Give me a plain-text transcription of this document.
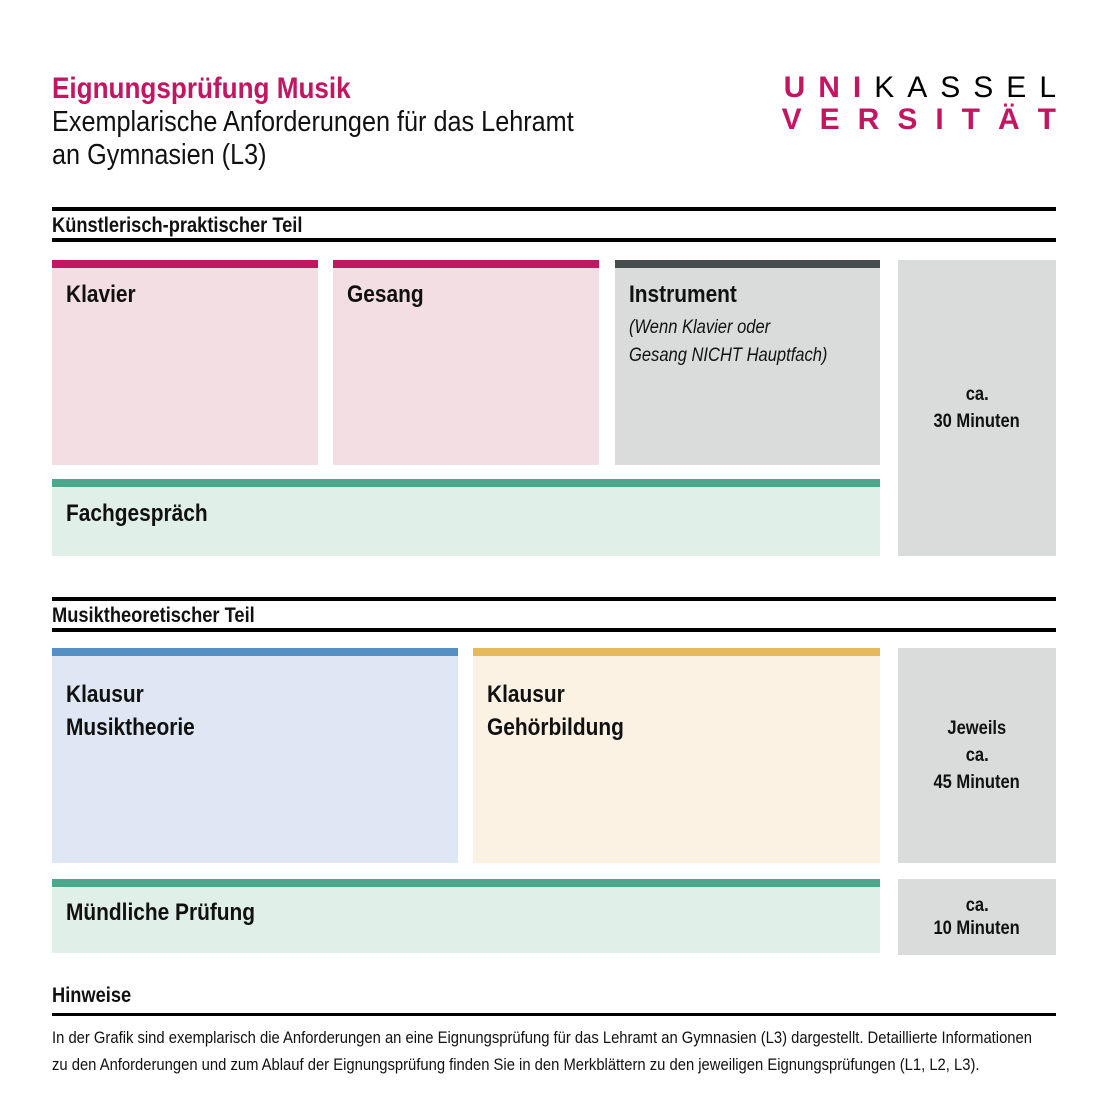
Eignungsprüfung Musik
Exemplarische Anforderungen für das Lehramt
an Gymnasien (L3)
UNIKASSEL
VERSITÄT
Künstlerisch-praktischer Teil
Klavier	Gesang	Instrument
(Wenn Klavier oder
Gesang NICHT Hauptfach)
ca.
30 Minuten
Fachgespräch
Musiktheoretischer Teil
Klausur
Musiktheorie
Klausur
Gehörbildung	Jeweils
ca.
45 Minuten
Mündliche Prüfung	ca.
10 Minuten
Hinweise
In der Grafik sind exemplarisch die Anforderungen an eine Eignungsprüfung für das Lehramt an Gymnasien (L3) dargestellt. Detaillierte Informationen
zu den Anforderungen und zum Ablauf der Eignungsprüfung finden Sie in den Merkblättern zu den jeweiligen Eignungsprüfungen (L1, L2, L3).
